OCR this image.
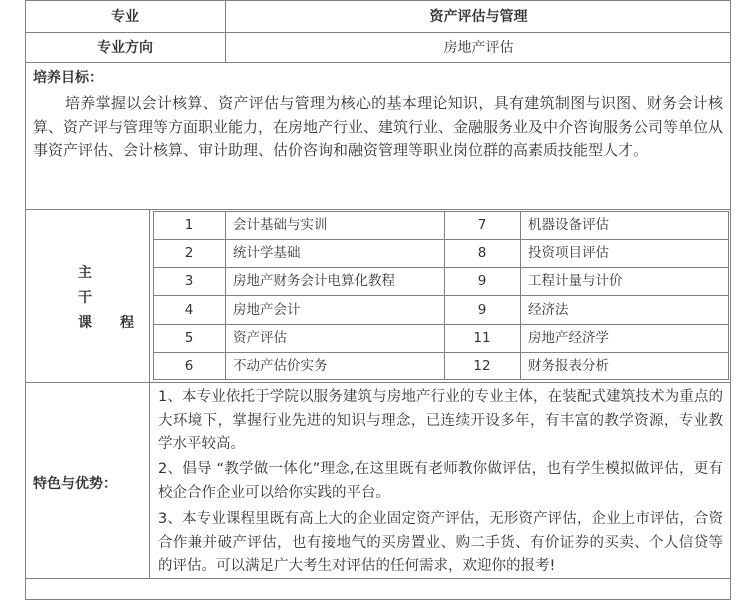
专业	资产评估与管理
专业方向	房地产评估
培养目标：
培养掌握以会计核算、资产评估与管理为核心的基本理论知识，具有建筑制图与识图、财务会计核算、资产评与管理等方面职业能力，在房地产行业、建筑行业、金融服务业及中介咨询服务公司等单位从事资产评估、会计核算、审计助理、估价咨询和融资管理等职业岗位群的高素质技能型人才。
主
干
课 程
1	会计基础与实训	7	机器设备评估
2	统计学基础	8	投资项目评估
3	房地产财务会计电算化教程	9	工程计量与计价
4	房地产会计	9	经济法
5	资产评估	11	房地产经济学
6	不动产估价实务	12	财务报表分析
特色与优势：
1、本专业依托于学院以服务建筑与房地产行业的专业主体，在装配式建筑技术为重点的大环境下，掌握行业先进的知识与理念，已连续开设多年，有丰富的教学资源，专业教学水平较高。
2、倡导 “教学做一体化”理念,在这里既有老师教你做评估，也有学生模拟做评估，更有校企合作企业可以给你实践的平台。
3、本专业课程里既有高上大的企业固定资产评估，无形资产评估，企业上市评估，合资合作兼并破产评估，也有接地气的买房置业、购二手货、有价证券的买卖、个人信贷等的评估。可以满足广大考生对评估的任何需求，欢迎你的报考!
